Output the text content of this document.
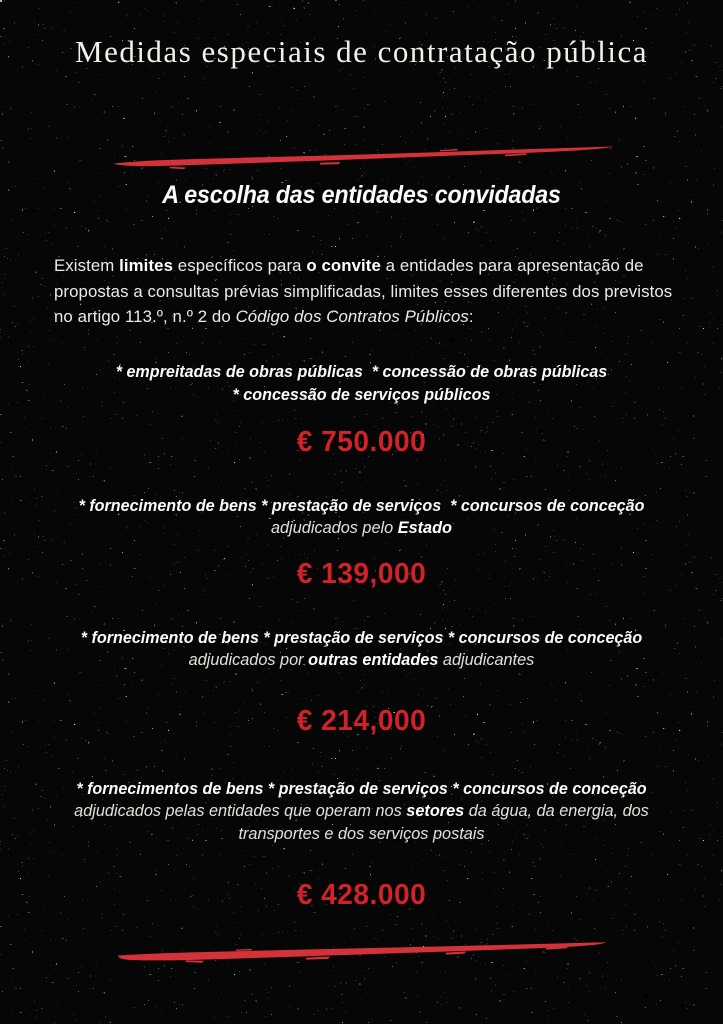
Medidas especiais de contratação pública
A escolha das entidades convidadas

Existem limites específicos para o convite a entidades para apresentação de propostas a consultas prévias simplificadas, limites esses diferentes dos previstos no artigo 113.º, n.º 2 do Código dos Contratos Públicos:

* empreitadas de obras públicas  * concessão de obras públicas
* concessão de serviços públicos
€ 750.000
* fornecimento de bens * prestação de serviços  * concursos de conceção
adjudicados pelo Estado
€ 139,000
* fornecimento de bens * prestação de serviços * concursos de conceção
adjudicados por outras entidades adjudicantes
€ 214,000
* fornecimentos de bens * prestação de serviços * concursos de conceção
adjudicados pelas entidades que operam nos setores da água, da energia, dos transportes e dos serviços postais
€ 428.000
